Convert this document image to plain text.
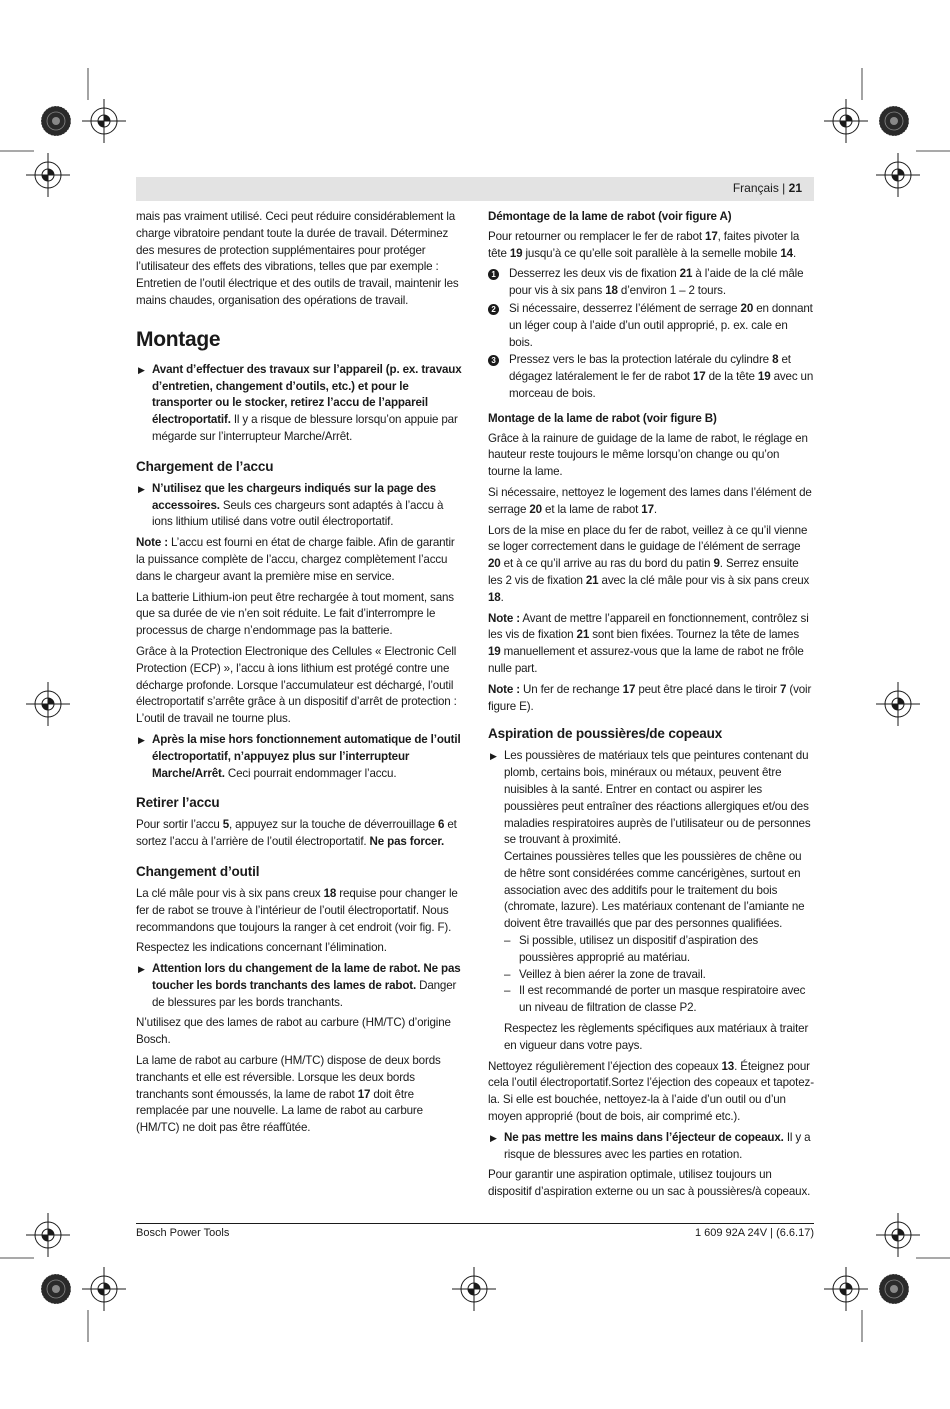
Français | 21

mais pas vraiment utilisé. Ceci peut réduire considérablement la charge vibratoire pendant toute la durée de travail. Déterminez des mesures de protection supplémentaires pour protéger l’utilisateur des effets des vibrations, telles que par exemple : Entretien de l’outil électrique et des outils de travail, maintenir les mains chaudes, organisation des opérations de travail.

Montage
▶ Avant d’effectuer des travaux sur l’appareil (p. ex. travaux d’entretien, changement d’outils, etc.) et pour le transporter ou le stocker, retirez l’accu de l’appareil électroportatif. Il y a risque de blessure lorsqu’on appuie par mégarde sur l’interrupteur Marche/Arrêt.
Chargement de l’accu
▶ N’utilisez que les chargeurs indiqués sur la page des accessoires. Seuls ces chargeurs sont adaptés à l’accu à ions lithium utilisé dans votre outil électroportatif.

Note : L’accu est fourni en état de charge faible. Afin de garantir la puissance complète de l’accu, chargez complètement l’accu dans le chargeur avant la première mise en service.

La batterie Lithium-ion peut être rechargée à tout moment, sans que sa durée de vie n’en soit réduite. Le fait d’interrompre le processus de charge n’endommage pas la batterie.

Grâce à la Protection Electronique des Cellules « Electronic Cell Protection (ECP) », l’accu à ions lithium est protégé contre une décharge profonde. Lorsque l’accumulateur est déchargé, l’outil électroportatif s’arrête grâce à un dispositif d’arrêt de protection : L’outil de travail ne tourne plus.

▶ Après la mise hors fonctionnement automatique de l’outil électroportatif, n’appuyez plus sur l’interrupteur Marche/Arrêt. Ceci pourrait endommager l’accu.
Retirer l’accu

Pour sortir l’accu 5, appuyez sur la touche de déverrouillage 6 et sortez l’accu à l’arrière de l’outil électroportatif. Ne pas forcer.

Changement d’outil

La clé mâle pour vis à six pans creux 18 requise pour changer le fer de rabot se trouve à l’intérieur de l’outil électroportatif. Nous recommandons que toujours la ranger à cet endroit (voir fig. F).

Respectez les indications concernant l’élimination.

▶ Attention lors du changement de la lame de rabot. Ne pas toucher les bords tranchants des lames de rabot. Danger de blessures par les bords tranchants.

N’utilisez que des lames de rabot au carbure (HM/TC) d’origine Bosch.

La lame de rabot au carbure (HM/TC) dispose de deux bords tranchants et elle est réversible. Lorsque les deux bords tranchants sont émoussés, la lame de rabot 17 doit être remplacée par une nouvelle. La lame de rabot au carbure (HM/TC) ne doit pas être réaffûtée.

Démontage de la lame de rabot (voir figure A)

Pour retourner ou remplacer le fer de rabot 17, faites pivoter la tête 19 jusqu’à ce qu’elle soit parallèle à la semelle mobile 14.

1 Desserrez les deux vis de fixation 21 à l’aide de la clé mâle pour vis à six pans 18 d’environ 1 – 2 tours.
2 Si nécessaire, desserrez l’élément de serrage 20 en donnant un léger coup à l’aide d’un outil approprié, p. ex. cale en bois.
3 Pressez vers le bas la protection latérale du cylindre 8 et dégagez latéralement le fer de rabot 17 de la tête 19 avec un morceau de bois.
Montage de la lame de rabot (voir figure B)

Grâce à la rainure de guidage de la lame de rabot, le réglage en hauteur reste toujours le même lorsqu’on change ou qu’on tourne la lame.

Si nécessaire, nettoyez le logement des lames dans l’élément de serrage 20 et la lame de rabot 17.

Lors de la mise en place du fer de rabot, veillez à ce qu’il vienne se loger correctement dans le guidage de l’élément de serrage 20 et à ce qu’il arrive au ras du bord du patin 9. Serrez ensuite les 2 vis de fixation 21 avec la clé mâle pour vis à six pans creux 18.

Note : Avant de mettre l’appareil en fonctionnement, contrôlez si les vis de fixation 21 sont bien fixées. Tournez la tête de lames 19 manuellement et assurez-vous que la lame de rabot ne frôle nulle part.

Note : Un fer de rechange 17 peut être placé dans le tiroir 7 (voir figure E).

Aspiration de poussières/de copeaux
▶ Les poussières de matériaux tels que peintures contenant du plomb, certains bois, minéraux ou métaux, peuvent être nuisibles à la santé. Entrer en contact ou aspirer les poussières peut entraîner des réactions allergiques et/ou des maladies respiratoires auprès de l’utilisateur ou de personnes se trouvant à proximité.

Certaines poussières telles que les poussières de chêne ou de hêtre sont considérées comme cancérigènes, surtout en association avec des additifs pour le traitement du bois (chromate, lazure). Les matériaux contenant de l’amiante ne doivent être travaillés que par des personnes qualifiées.

– Si possible, utilisez un dispositif d’aspiration des poussières approprié au matériau.
– Veillez à bien aérer la zone de travail.
– Il est recommandé de porter un masque respiratoire avec un niveau de filtration de classe P2.

Respectez les règlements spécifiques aux matériaux à traiter en vigueur dans votre pays.

Nettoyez régulièrement l’éjection des copeaux 13. Éteignez pour cela l’outil électroportatif.Sortez l’éjection des copeaux et tapotez-la. Si elle est bouchée, nettoyez-la à l’aide d’un outil ou d’un moyen approprié (bout de bois, air comprimé etc.).

▶ Ne pas mettre les mains dans l’éjecteur de copeaux. Il y a risque de blessures avec les parties en rotation.

Pour garantir une aspiration optimale, utilisez toujours un dispositif d’aspiration externe ou un sac à poussières/à copeaux.

Bosch Power Tools	1 609 92A 24V | (6.6.17)
